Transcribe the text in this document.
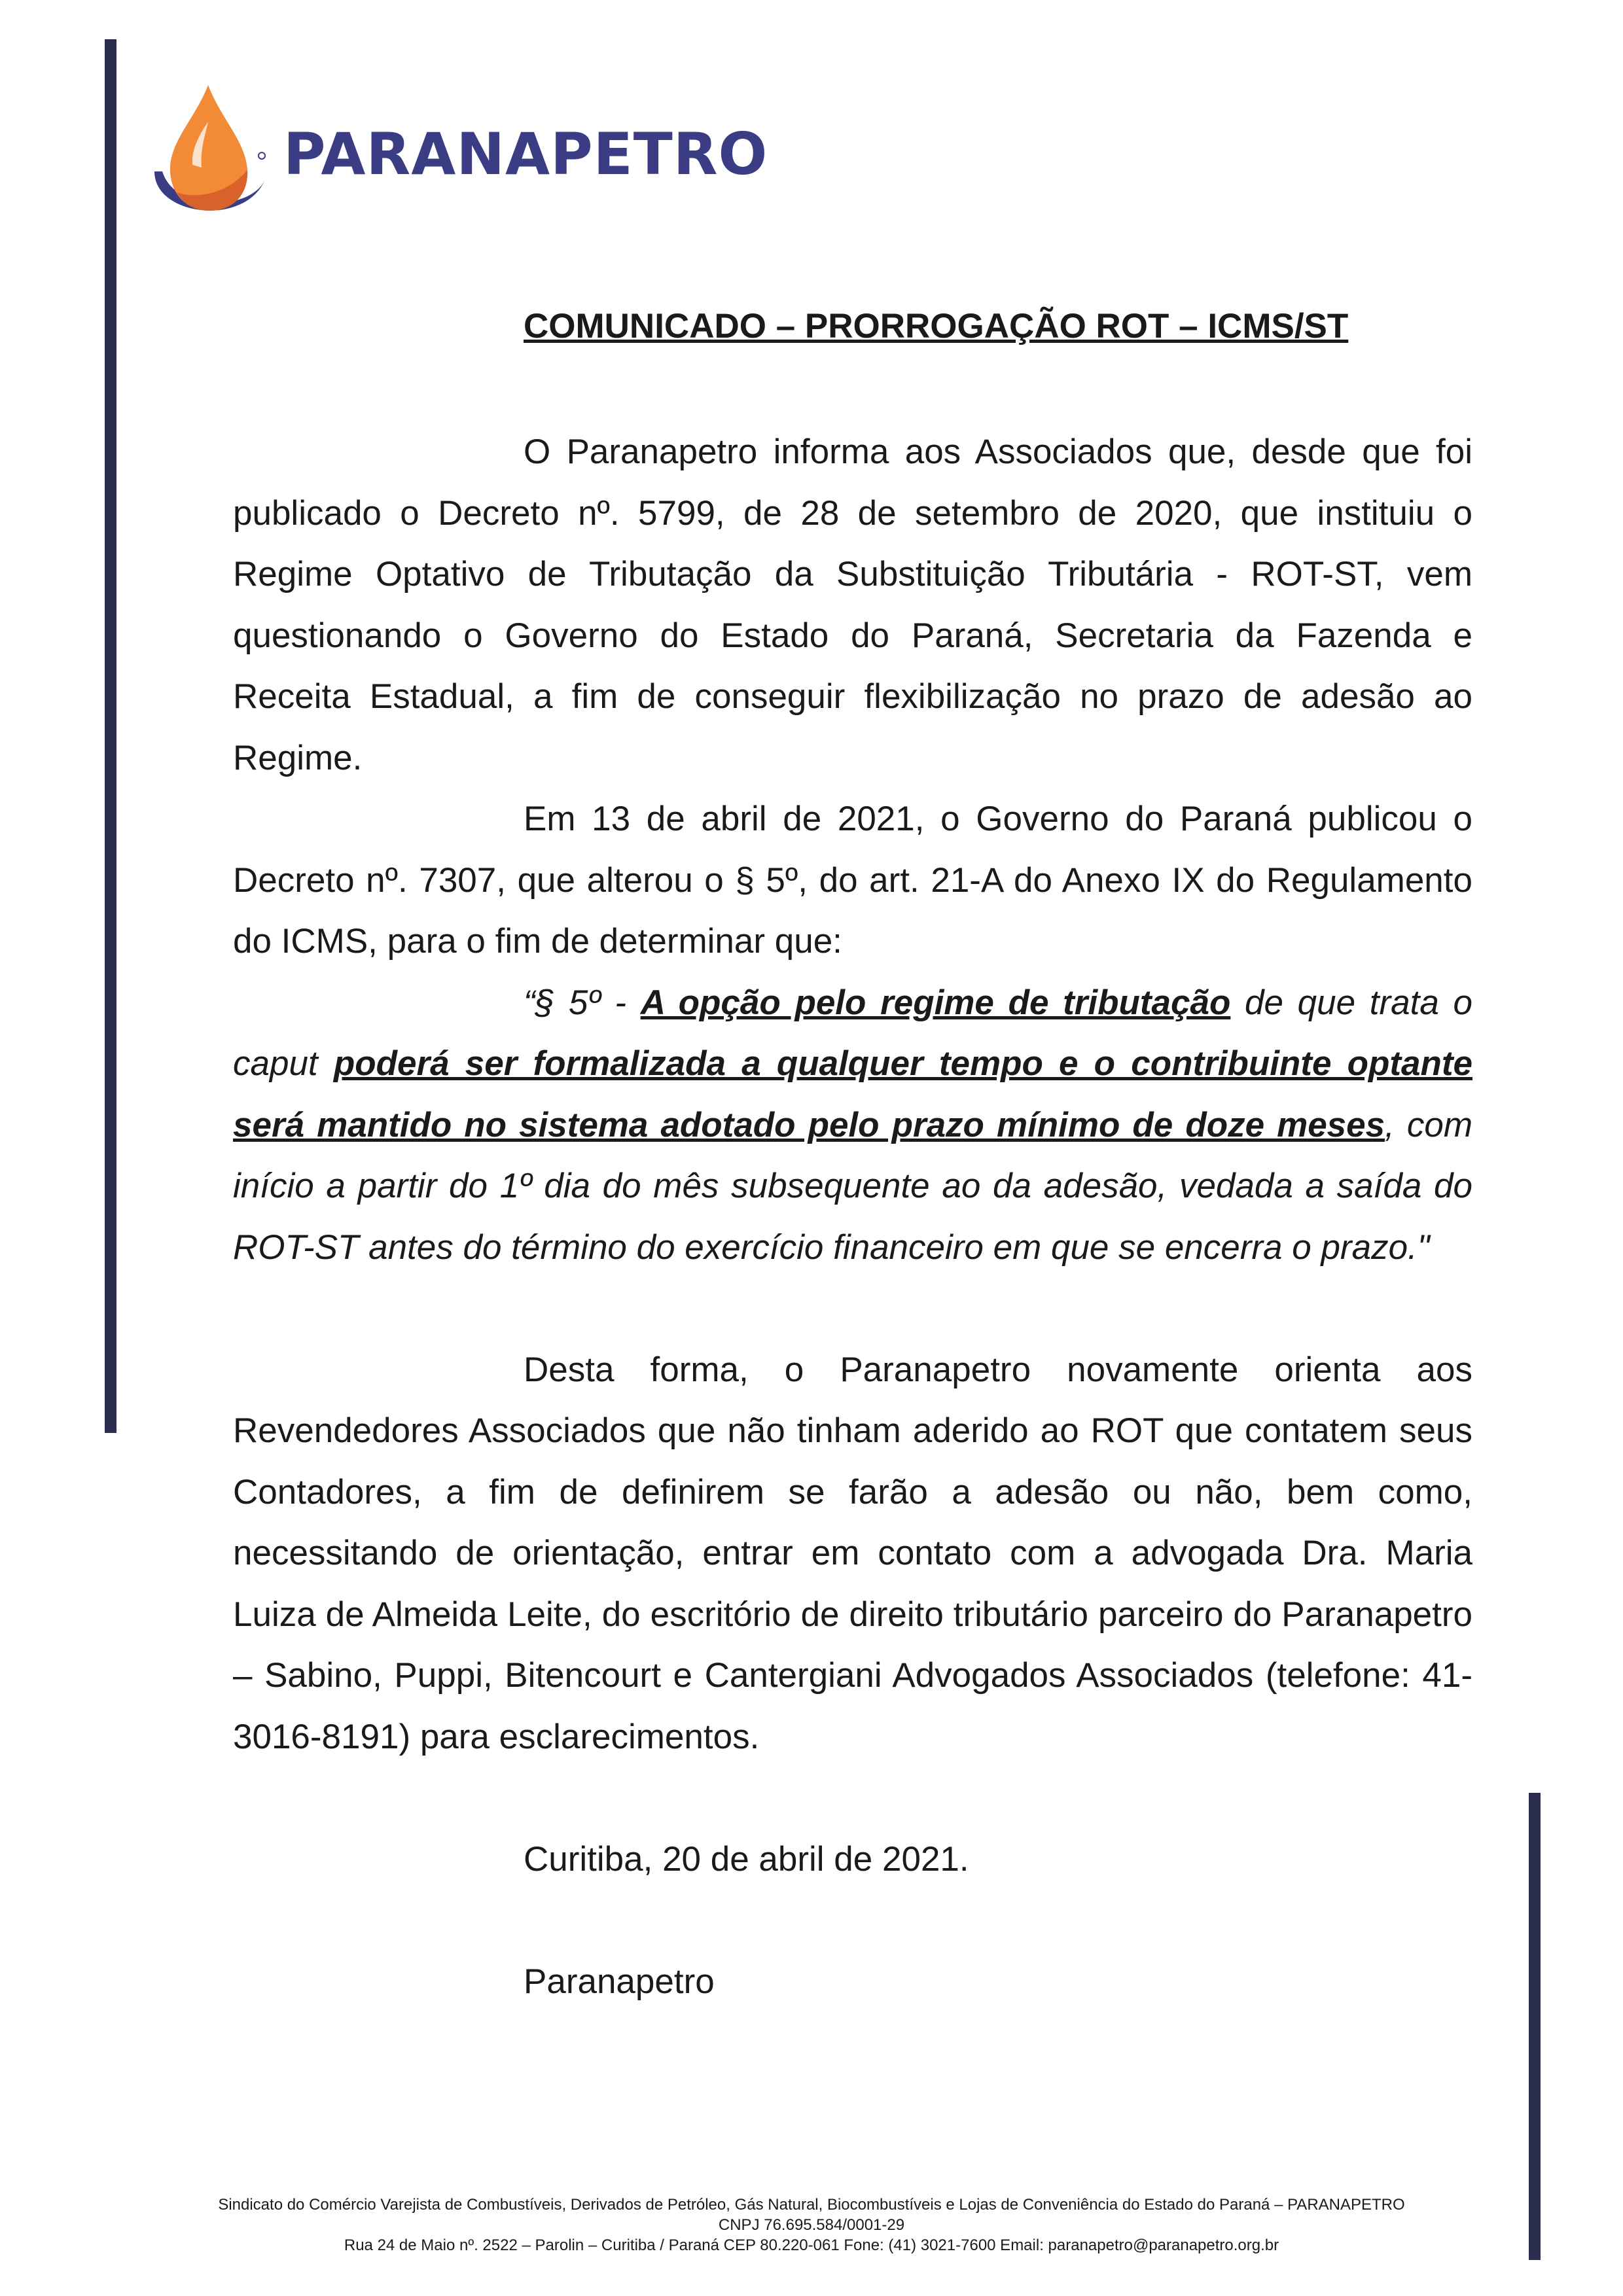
PARANAPETRO
COMUNICADO – PRORROGAÇÃO ROT – ICMS/ST

O Paranapetro informa aos Associados que, desde que foi publicado o Decreto nº. 5799, de 28 de setembro de 2020, que instituiu o Regime Optativo de Tributação da Substituição Tributária - ROT-ST, vem questionando o Governo do Estado do Paraná, Secretaria da Fazenda e Receita Estadual, a fim de conseguir flexibilização no prazo de adesão ao Regime.

Em 13 de abril de 2021, o Governo do Paraná publicou o Decreto nº. 7307, que alterou o § 5º, do art. 21-A do Anexo IX do Regulamento do ICMS, para o fim de determinar que:

“§ 5º - A opção pelo regime de tributação de que trata o caput poderá ser formalizada a qualquer tempo e o contribuinte optante será mantido no sistema adotado pelo prazo mínimo de doze meses, com início a partir do 1º dia do mês subsequente ao da adesão, vedada a saída do ROT-ST antes do término do exercício financeiro em que se encerra o prazo."

Desta forma, o Paranapetro novamente orienta aos Revendedores Associados que não tinham aderido ao ROT que contatem seus Contadores, a fim de definirem se farão a adesão ou não, bem como, necessitando de orientação, entrar em contato com a advogada Dra. Maria Luiza de Almeida Leite, do escritório de direito tributário parceiro do Paranapetro – Sabino, Puppi, Bitencourt e Cantergiani Advogados Associados (telefone: 41-3016-8191) para esclarecimentos.

Curitiba, 20 de abril de 2021.

Paranapetro

Sindicato do Comércio Varejista de Combustíveis, Derivados de Petróleo, Gás Natural, Biocombustíveis e Lojas de Conveniência do Estado do Paraná – PARANAPETRO
CNPJ 76.695.584/0001-29
Rua 24 de Maio nº. 2522 – Parolin – Curitiba / Paraná CEP 80.220-061 Fone: (41) 3021-7600 Email: paranapetro@paranapetro.org.br
